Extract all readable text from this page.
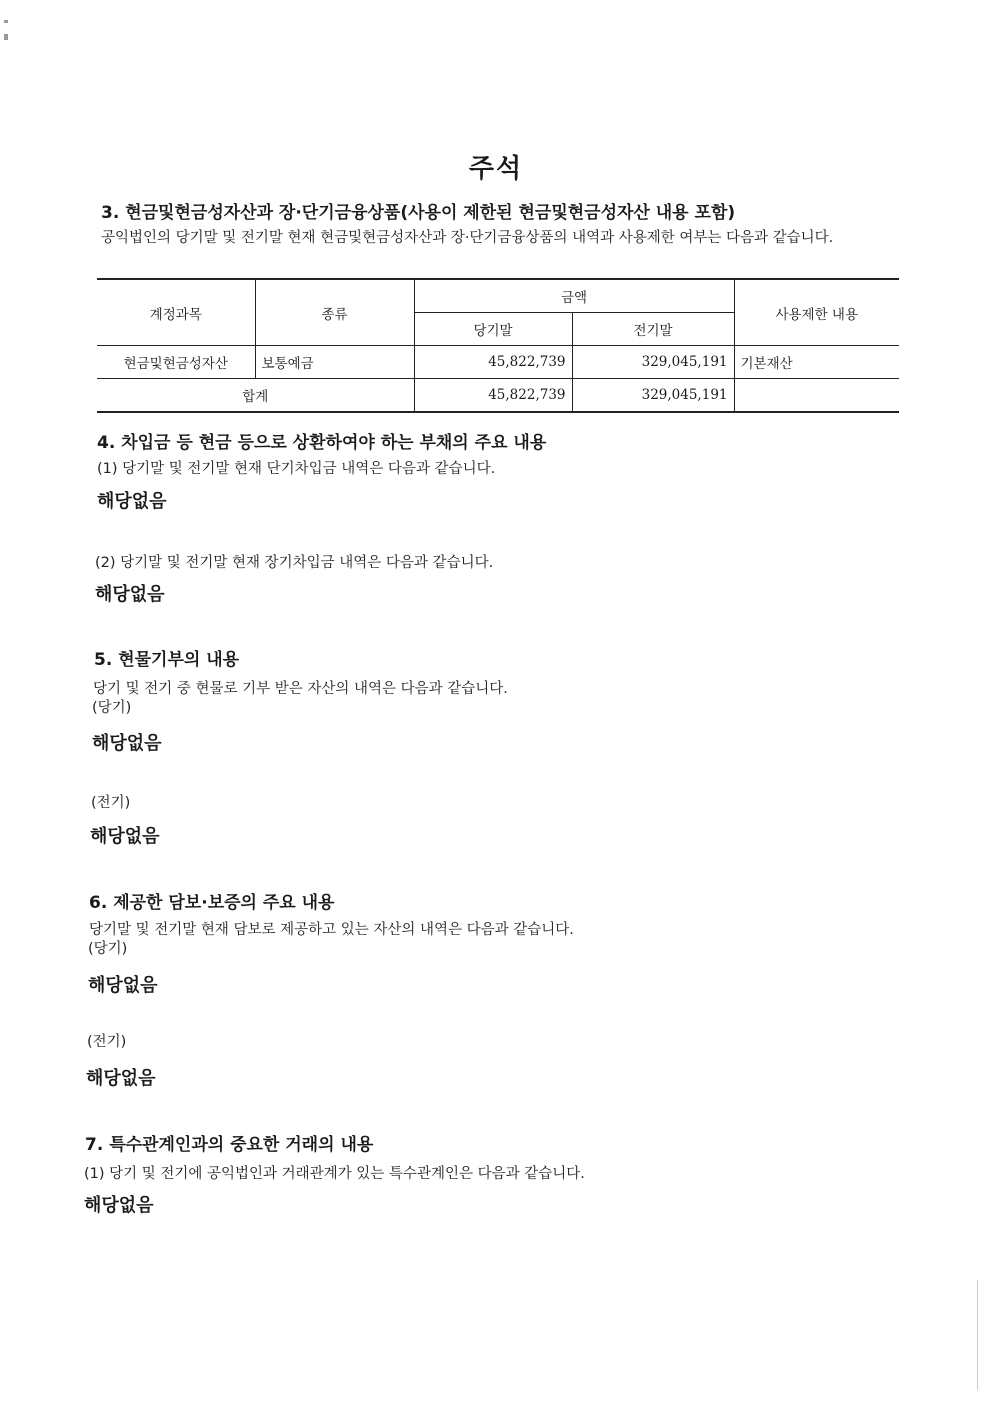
주석
3. 현금및현금성자산과 장·단기금융상품(사용이 제한된 현금및현금성자산 내용 포함)
공익법인의 당기말 및 전기말 현재 현금및현금성자산과 장·단기금융상품의 내역과 사용제한 여부는 다음과 같습니다.
계정과목	종류	금액		사용제한 내용
		당기말	전기말	
현금및현금성자산	보통예금	45,822,739	329,045,191	기본재산
합계		45,822,739	329,045,191	
4. 차입금 등 현금 등으로 상환하여야 하는 부채의 주요 내용
(1) 당기말 및 전기말 현재 단기차입금 내역은 다음과 같습니다.
해당없음
(2) 당기말 및 전기말 현재 장기차입금 내역은 다음과 같습니다.
해당없음
5. 현물기부의 내용
당기 및 전기 중 현물로 기부 받은 자산의 내역은 다음과 같습니다.
(당기)
해당없음
(전기)
해당없음
6. 제공한 담보·보증의 주요 내용
당기말 및 전기말 현재 담보로 제공하고 있는 자산의 내역은 다음과 같습니다.
(당기)
해당없음
(전기)
해당없음
7. 특수관계인과의 중요한 거래의 내용
(1) 당기 및 전기에 공익법인과 거래관계가 있는 특수관계인은 다음과 같습니다.
해당없음
